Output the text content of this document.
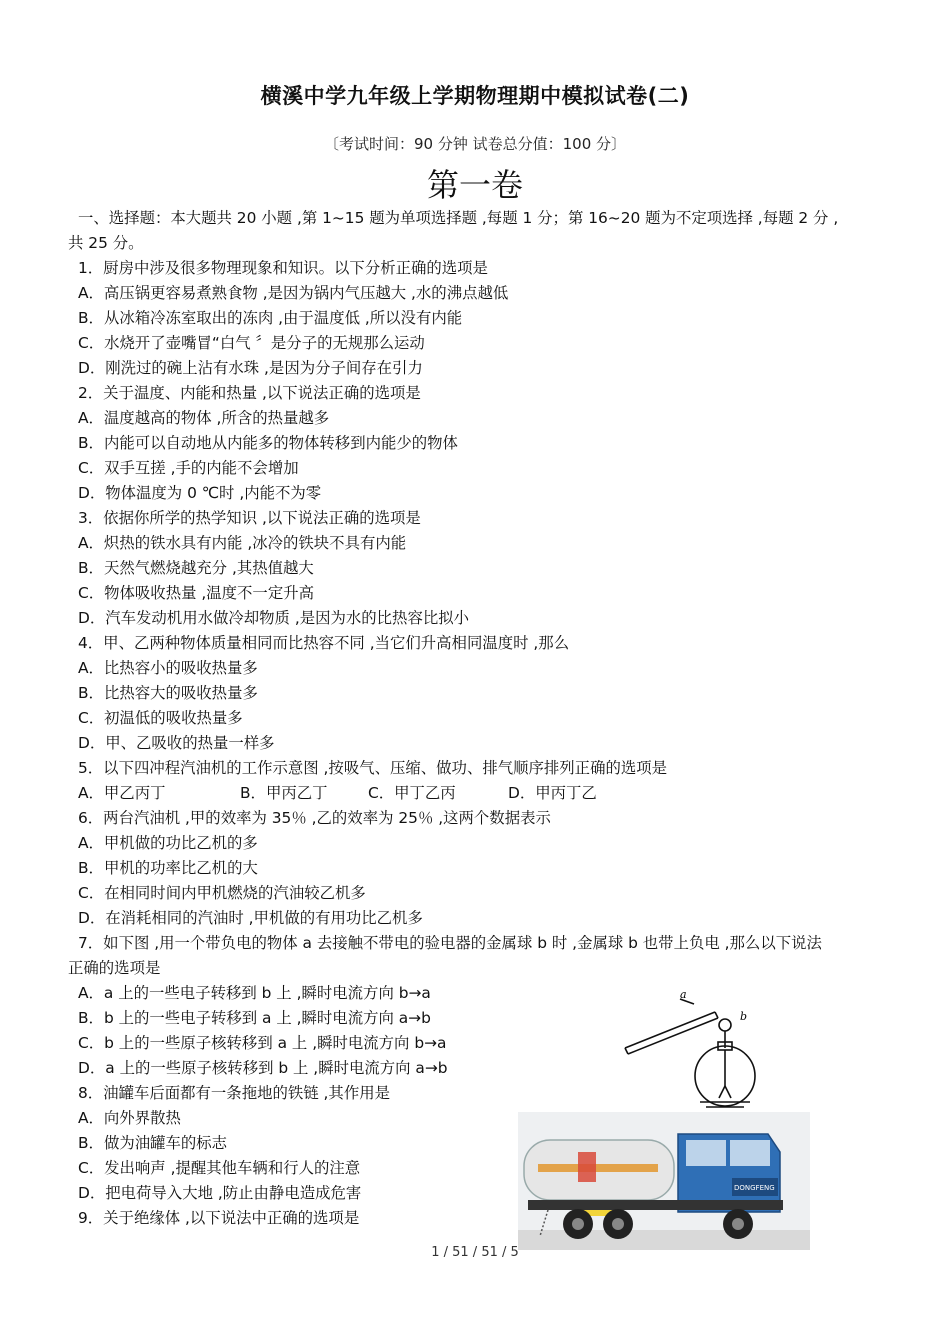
横溪中学九年级上学期物理期中模拟试卷(二)
〔考试时间：90 分钟 试卷总分值：100 分〕
第一卷
一、选择题：本大题共 20 小题 ,第 1~15 题为单项选择题 ,每题 1 分；第 16~20 题为不定项选择 ,每题 2 分 ,
共 25 分。
1．厨房中涉及很多物理现象和知识。以下分析正确的选项是
A．高压锅更容易煮熟食物 ,是因为锅内气压越大 ,水的沸点越低
B．从冰箱冷冻室取出的冻肉 ,由于温度低 ,所以没有内能
C．水烧开了壶嘴冒“白气 〞是分子的无规那么运动
D．刚洗过的碗上沾有水珠 ,是因为分子间存在引力
2．关于温度、内能和热量 ,以下说法正确的选项是
A．温度越高的物体 ,所含的热量越多
B．内能可以自动地从内能多的物体转移到内能少的物体
C．双手互搓 ,手的内能不会增加
D．物体温度为 0 ℃时 ,内能不为零
3．依据你所学的热学知识 ,以下说法正确的选项是
A．炽热的铁水具有内能 ,冰冷的铁块不具有内能
B．天然气燃烧越充分 ,其热值越大
C．物体吸收热量 ,温度不一定升高
D．汽车发动机用水做冷却物质 ,是因为水的比热容比拟小
4．甲、乙两种物体质量相同而比热容不同 ,当它们升高相同温度时 ,那么
A．比热容小的吸收热量多
B．比热容大的吸收热量多
C．初温低的吸收热量多
D．甲、乙吸收的热量一样多
5．以下四冲程汽油机的工作示意图 ,按吸气、压缩、做功、排气顺序排列正确的选项是
A．甲乙丙丁	B．甲丙乙丁	C．甲丁乙丙	D．甲丙丁乙
6．两台汽油机 ,甲的效率为 35％ ,乙的效率为 25％ ,这两个数据表示
A．甲机做的功比乙机的多
B．甲机的功率比乙机的大
C．在相同时间内甲机燃烧的汽油较乙机多
D．在消耗相同的汽油时 ,甲机做的有用功比乙机多
7．如下图 ,用一个带负电的物体 a 去接触不带电的验电器的金属球 b 时 ,金属球 b 也带上负电 ,那么以下说法
正确的选项是
A．a 上的一些电子转移到 b 上 ,瞬时电流方向 b→a
B．b 上的一些电子转移到 a 上 ,瞬时电流方向 a→b
C．b 上的一些原子核转移到 a 上 ,瞬时电流方向 b→a
D．a 上的一些原子核转移到 b 上 ,瞬时电流方向 a→b
8．油罐车后面都有一条拖地的铁链 ,其作用是
A．向外界散热
B．做为油罐车的标志
C．发出响声 ,提醒其他车辆和行人的注意
D．把电荷导入大地 ,防止由静电造成危害
9．关于绝缘体 ,以下说法中正确的选项是
a
b
DONGFENG
1 / 51 / 51 / 5
